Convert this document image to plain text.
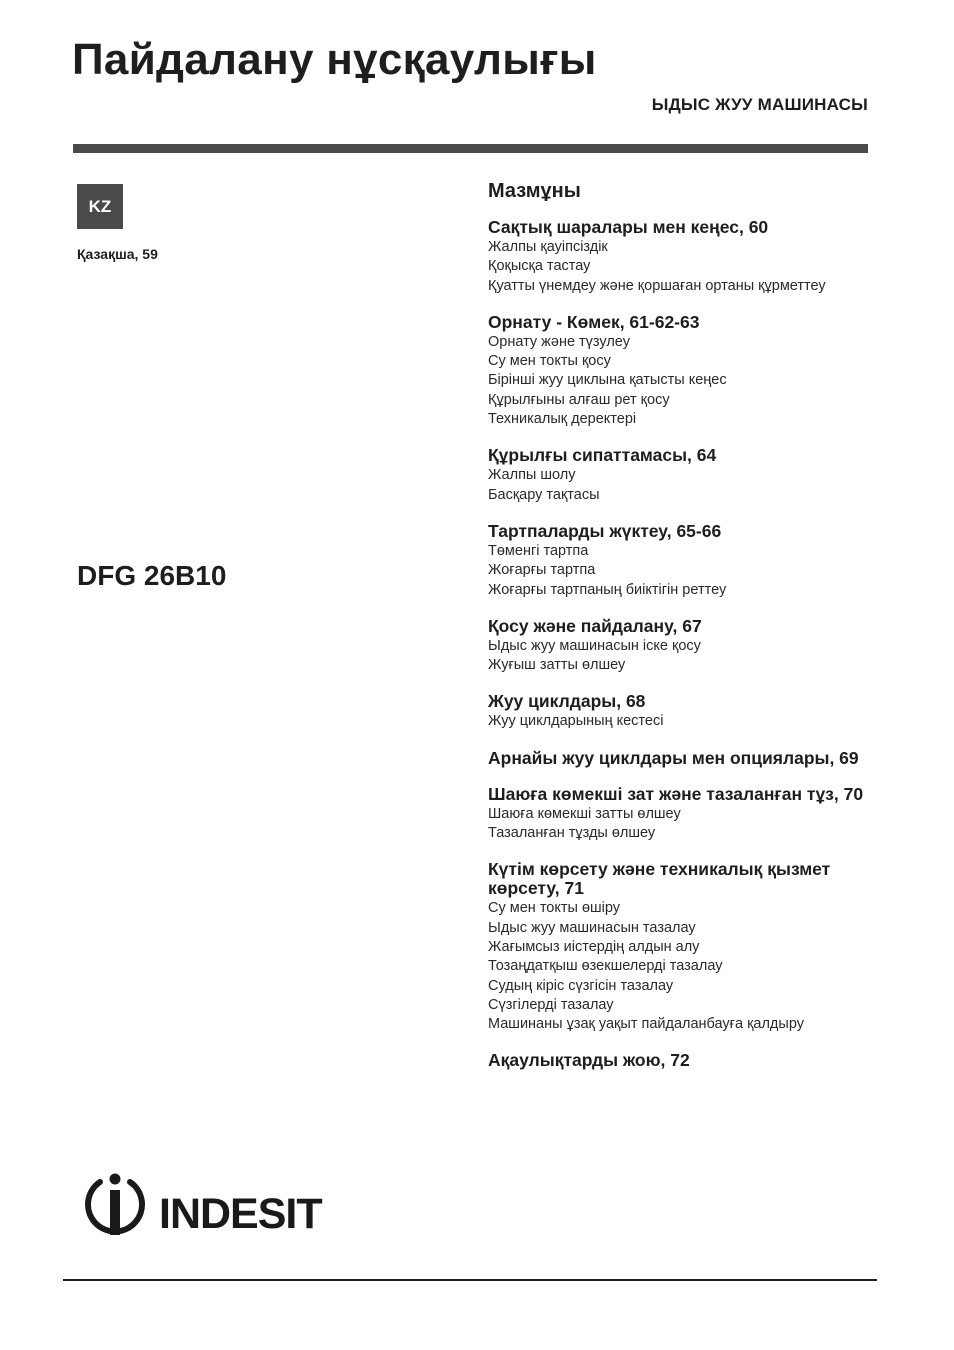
Пайдалану нұсқаулығы
ЫДЫС ЖУУ МАШИНАСЫ
KZ
Қазақша, 59
DFG 26B10
Мазмұны
Сақтық шаралары мен кеңес, 60
Жалпы қауіпсіздік
Қоқысқа тастау
Қуатты үнемдеу және қоршаған ортаны құрметтеу
Орнату - Көмек, 61-62-63
Орнату және түзулеу
Су мен токты қосу
Бірінші жуу циклына қатысты кеңес
Құрылғыны алғаш рет қосу
Техникалық деректері
Құрылғы сипаттамасы, 64
Жалпы шолу
Басқару тақтасы
Тартпаларды жүктеу, 65-66
Төменгі тартпа
Жоғарғы тартпа
Жоғарғы тартпаның биіктігін реттеу
Қосу және пайдалану, 67
Ыдыс жуу машинасын іске қосу
Жуғыш затты өлшеу
Жуу циклдары, 68
Жуу циклдарының кестесі
Арнайы жуу циклдары мен опциялары, 69
Шаюға көмекші зат және тазаланған тұз, 70
Шаюға көмекші затты өлшеу
Тазаланған тұзды өлшеу
Күтім көрсету және техникалық қызмет көрсету, 71
Су мен токты өшіру
Ыдыс жуу машинасын тазалау
Жағымсыз иістердің алдын алу
Тозаңдатқыш өзекшелерді тазалау
Судың кіріс сүзгісін тазалау
Сүзгілерді тазалау
Машинаны ұзақ уақыт пайдаланбауға қалдыру
Ақаулықтарды жою, 72
INDESIT
